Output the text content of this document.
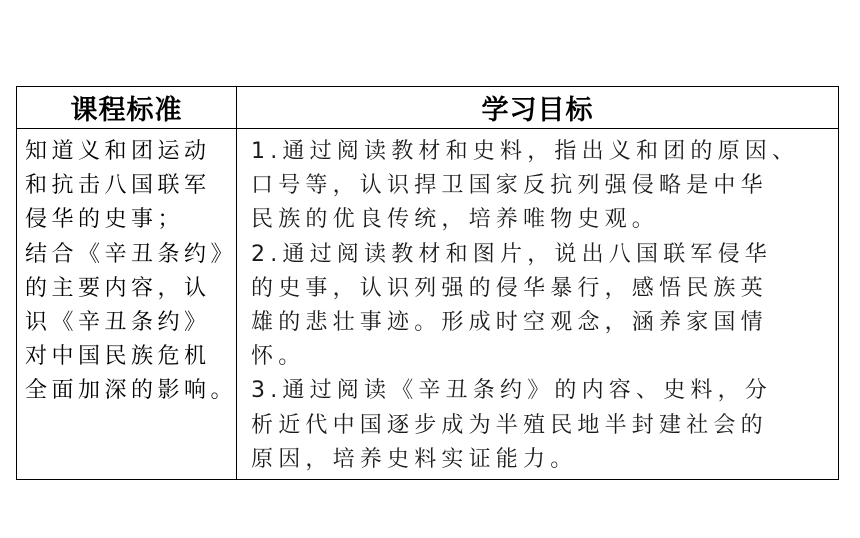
课程标准	学习目标
知道义和团运动
和抗击八国联军
侵华的史事；
结合《辛丑条约》
的主要内容，认
识《辛丑条约》
对中国民族危机
全面加深的影响。
1.通过阅读教材和史料，指出义和团的原因、
口号等，认识捍卫国家反抗列强侵略是中华
民族的优良传统，培养唯物史观。
2.通过阅读教材和图片，说出八国联军侵华
的史事，认识列强的侵华暴行，感悟民族英
雄的悲壮事迹。形成时空观念，涵养家国情
怀。
3.通过阅读《辛丑条约》的内容、史料，分
析近代中国逐步成为半殖民地半封建社会的
原因，培养史料实证能力。
